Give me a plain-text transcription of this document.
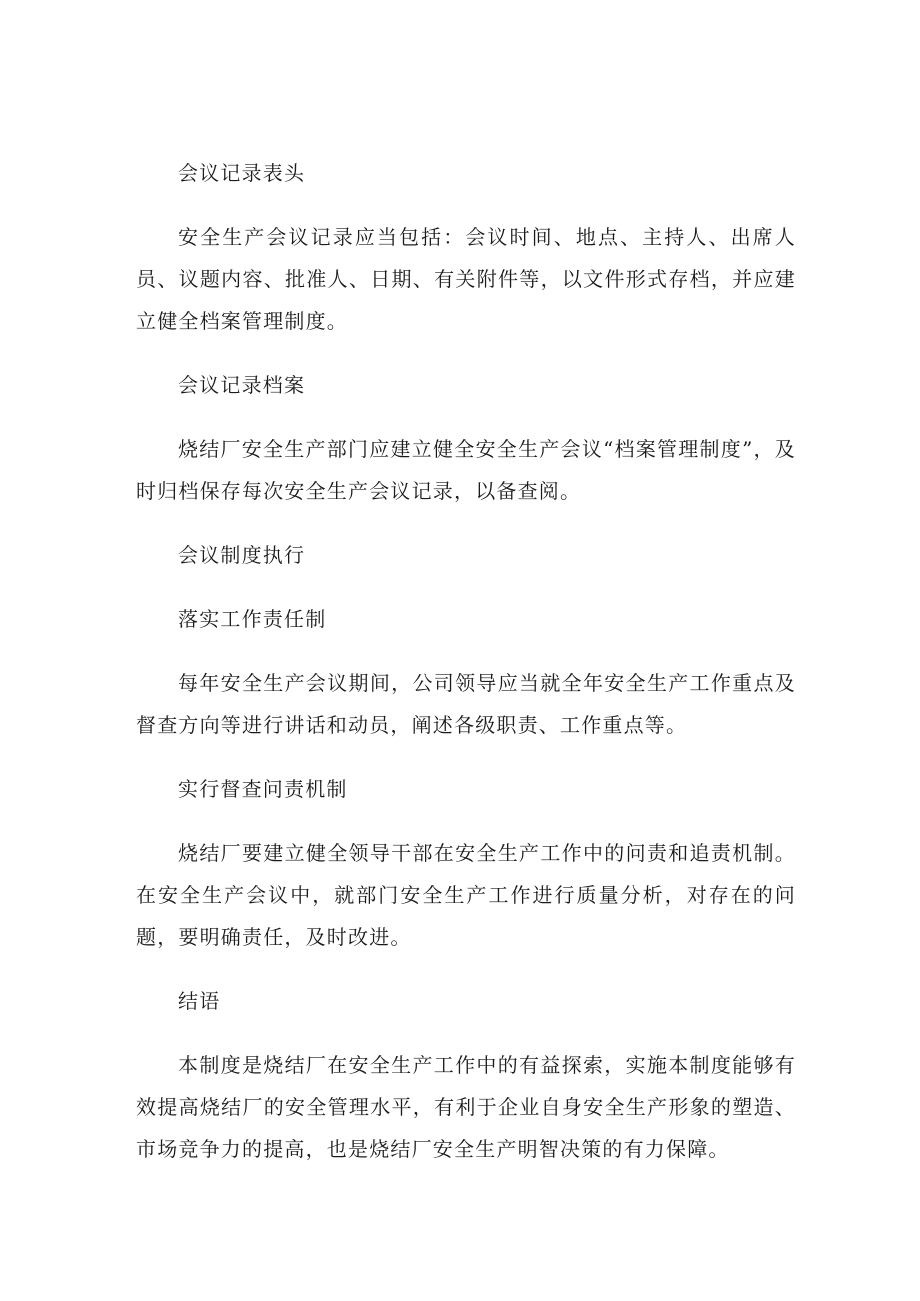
会议记录表头

安全生产会议记录应当包括：会议时间、地点、主持人、出席人员、议题内容、批准人、日期、有关附件等，以文件形式存档，并应建立健全档案管理制度。

会议记录档案

烧结厂安全生产部门应建立健全安全生产会议“档案管理制度”，及时归档保存每次安全生产会议记录，以备查阅。

会议制度执行

落实工作责任制

每年安全生产会议期间，公司领导应当就全年安全生产工作重点及督查方向等进行讲话和动员，阐述各级职责、工作重点等。

实行督查问责机制

烧结厂要建立健全领导干部在安全生产工作中的问责和追责机制。在安全生产会议中，就部门安全生产工作进行质量分析，对存在的问题，要明确责任，及时改进。

结语

本制度是烧结厂在安全生产工作中的有益探索，实施本制度能够有效提高烧结厂的安全管理水平，有利于企业自身安全生产形象的塑造、市场竞争力的提高，也是烧结厂安全生产明智决策的有力保障。
